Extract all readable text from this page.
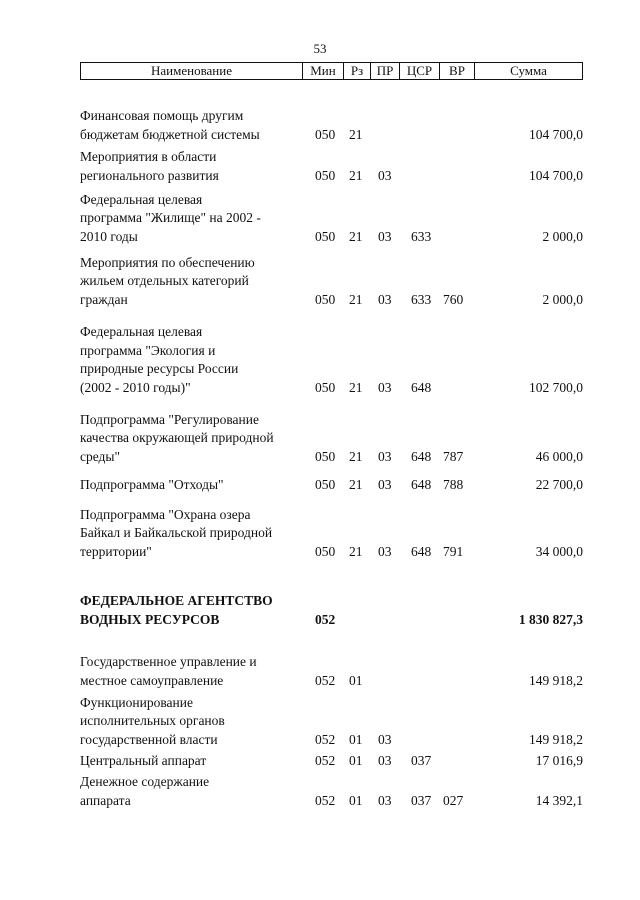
53
Наименование	Мин	Рз	ПР	ЦСР	ВР	Сумма
Финансовая помощь другим
бюджетам бюджетной системы	050 21	104 700,0
Мероприятия в области
регионального развития	050 21 03	104 700,0
Федеральная целевая
программа "Жилище" на 2002 -
2010 годы	050 21 03 633	2 000,0
Мероприятия по обеспечению
жильем отдельных категорий
граждан	050 21 03 633 760	2 000,0
Федеральная целевая
программа "Экология и
природные ресурсы России
(2002 - 2010 годы)"	050 21 03 648	102 700,0
Подпрограмма "Регулирование
качества окружающей природной
среды"	050 21 03 648 787	46 000,0
Подпрограмма "Отходы"	050 21 03 648 788	22 700,0
Подпрограмма "Охрана озера
Байкал и Байкальской природной
территории"	050 21 03 648 791	34 000,0
ФЕДЕРАЛЬНОЕ АГЕНТСТВО
ВОДНЫХ РЕСУРСОВ	052	1 830 827,3
Государственное управление и
местное самоуправление	052 01	149 918,2
Функционирование
исполнительных органов
государственной власти	052 01 03	149 918,2
Центральный аппарат	052 01 03 037	17 016,9
Денежное содержание
аппарата	052 01 03 037 027	14 392,1
